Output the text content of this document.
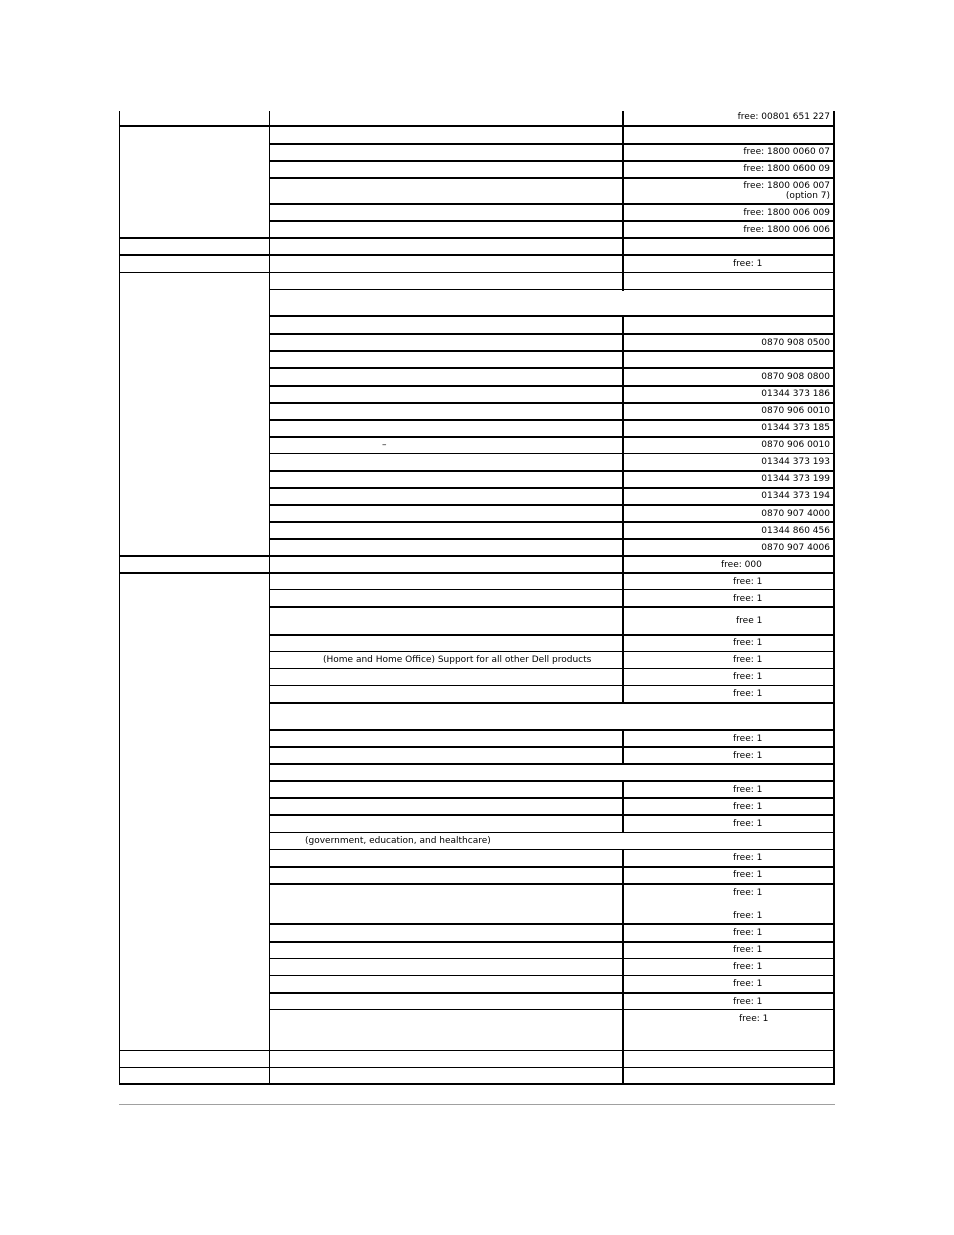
free: 00801 651 227
free: 1800 0060 07
free: 1800 0600 09
free: 1800 006 007
(option 7)
free: 1800 006 009
free: 1800 006 006
free: 1
0870 908 0500
0870 908 0800
01344 373 186
0870 906 0010
01344 373 185
–	0870 906 0010
01344 373 193
01344 373 199
01344 373 194
0870 907 4000
01344 860 456
0870 907 4006
free: 000
free: 1
free: 1
free 1
free: 1
(Home and Home Office) Support for all other Dell products	free: 1
free: 1
free: 1
free: 1
free: 1
free: 1
free: 1
free: 1
(government, education, and healthcare)
free: 1
free: 1
free: 1
free: 1
free: 1
free: 1
free: 1
free: 1
free: 1
free: 1
